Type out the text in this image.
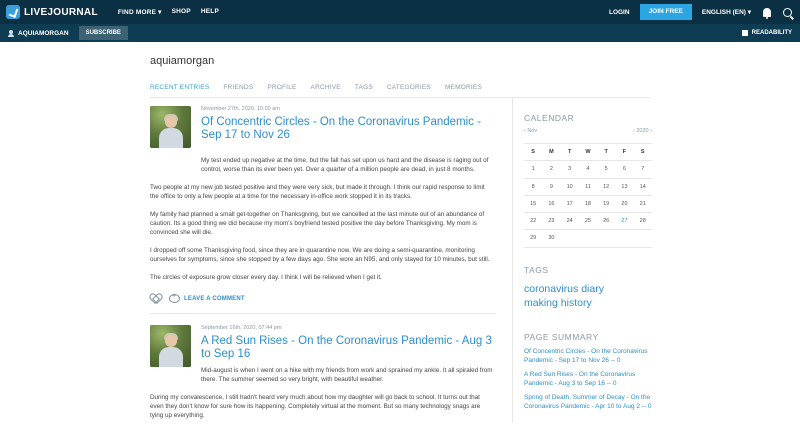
LIVEJOURNAL	FIND MORE ▾ SHOP HELP	LOGIN	JOIN FREE	ENGLISH (EN) ▾
AQUIAMORGAN	SUBSCRIBE	READABILITY
aquiamorgan
RECENT ENTRIES FRIENDS PROFILE ARCHIVE TAGS CATEGORIES MEMORIES
November 27th, 2020, 10:00 am
Of Concentric Circles - On the Coronavirus Pandemic - Sep 17 to Nov 26

My test ended up negative at the time, but the fall has set upon us hard and the disease is raging out of control, worse than its ever been yet. Over a quarter of a million people are dead, in just 8 months.

Two people at my new job tested positive and they were very sick, but made it through. I think our rapid response to limit the office to only a few people at a time for the necessary in-office work stopped it in its tracks.

My family had planned a small get-together on Thanksgiving, but we cancelled at the last minute out of an abundance of caution. Its a good thing we did because my mom's boyfriend tested positive the day before Thanksgiving. My mom is convinced she will die.

I dropped off some Thanksgiving food, since they are in quarantine now. We are doing a semi-quarantine, monitoring ourselves for symptoms, since she stopped by a few days ago. She wore an N95, and only stayed for 10 minutes, but still.

The circles of exposure grow closer every day. I think I will be relieved when I get it.

+
LEAVE A COMMENT
September 16th, 2020, 07:44 pm
A Red Sun Rises - On the Coronavirus Pandemic - Aug 3 to Sep 16

Mid-august is when I went on a hike with my friends from work and sprained my ankle. It all spiraled from there. The summer seemed so very bright, with beautiful weather.

During my convalescence, I still hadn't heard very much about how my daughter will go back to school. It turns out that even they don't know for sure how its happening. Completely virtual at the moment. But so many technology snags are tying up everything.

CALENDAR
‹ Nov	‹ 2020 ›
S	M	T	W	T	F	S
1	2	3	4	5	6	7
8	9	10	11	12	13	14
15	16	17	18	19	20	21
22	23	24	25	26	27	28
29	30
TAGS
coronavirus diary
making history
PAGE SUMMARY
Of Concentric Circles - On the Coronavirus Pandemic - Sep 17 to Nov 26 -- 0
A Red Sun Rises - On the Coronavirus Pandemic - Aug 3 to Sep 16 -- 0
Spring of Death, Summer of Decay - On the Coronavirus Pandemic - Apr 10 to Aug 2 -- 0
